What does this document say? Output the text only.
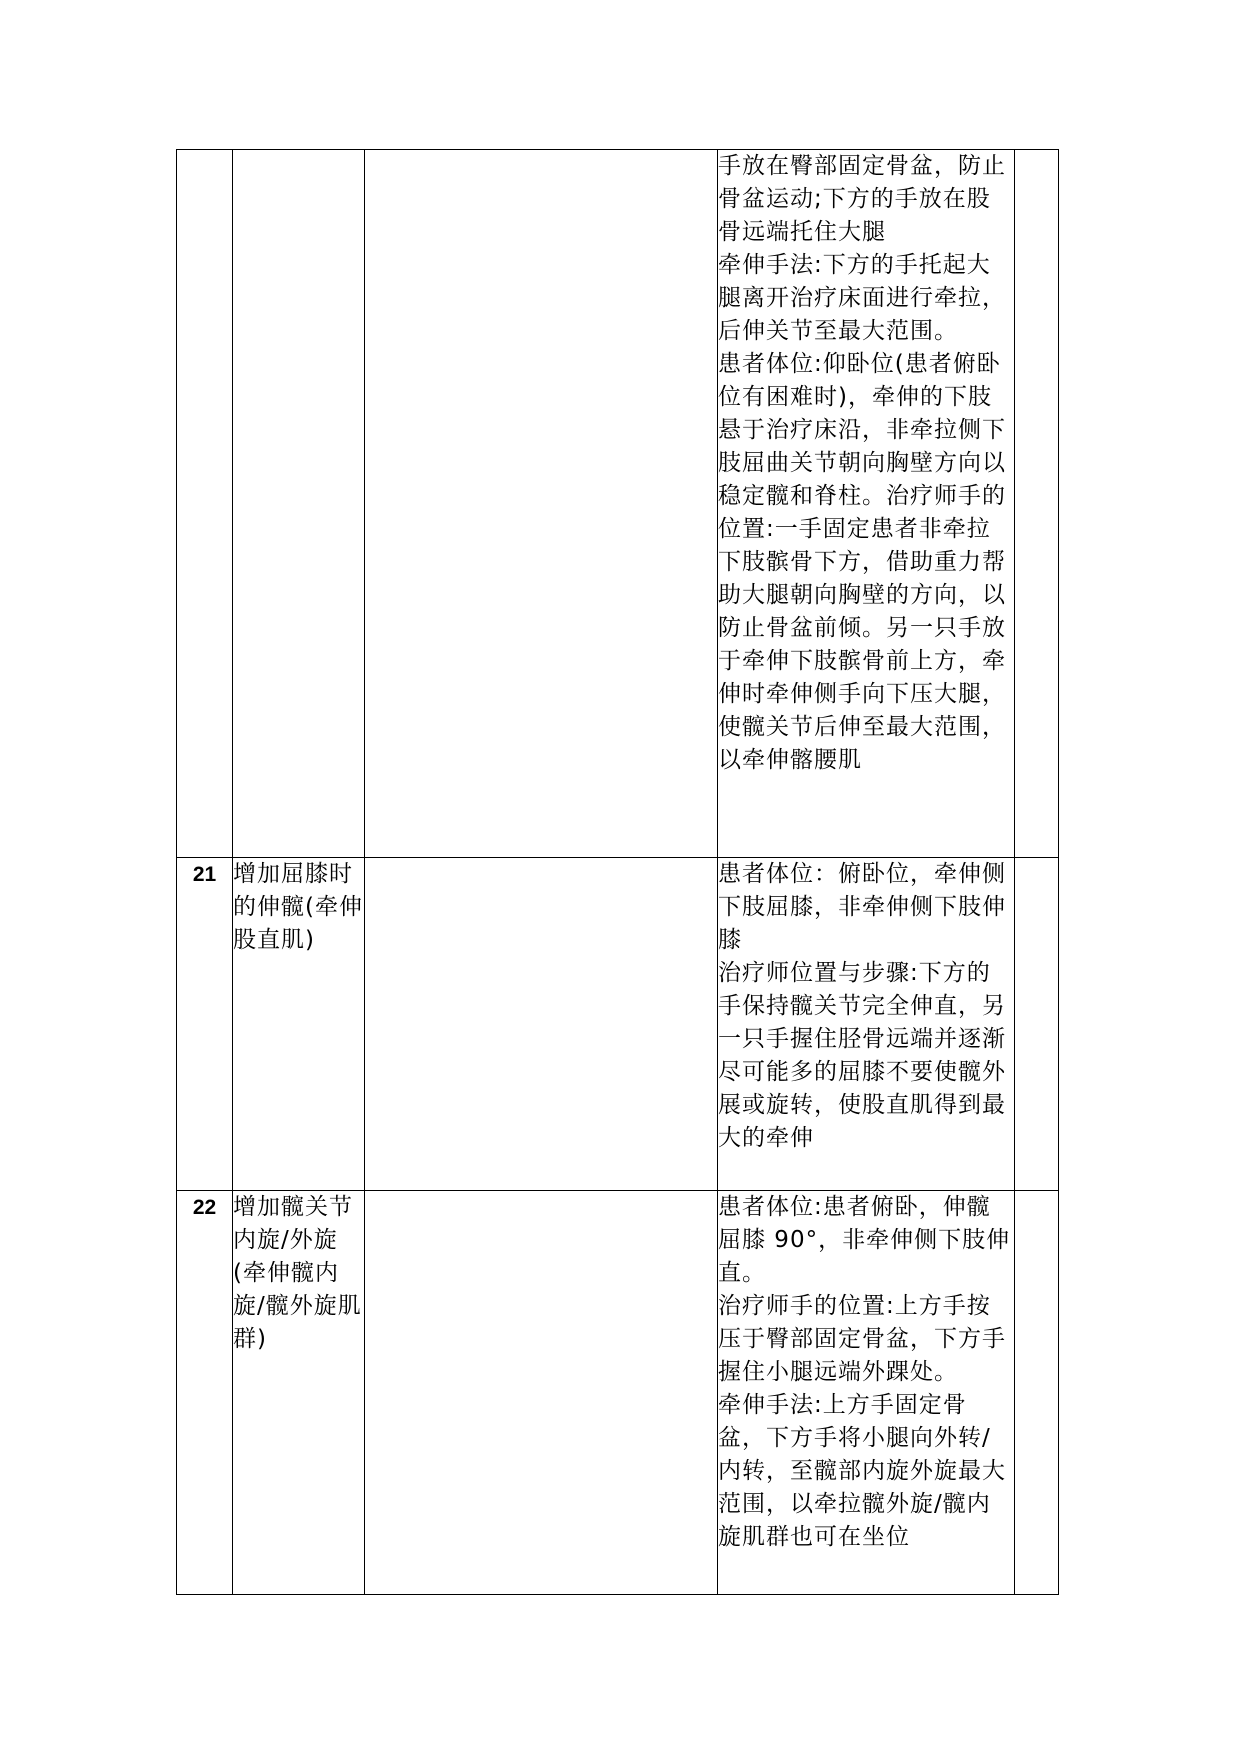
			手放在臀部固定骨盆，防止骨盆运动;下方的手放在股骨远端托住大腿
牵伸手法:下方的手托起大腿离开治疗床面进行牵拉，后伸关节至最大范围。
患者体位:仰卧位(患者俯卧位有困难时)，牵伸的下肢悬于治疗床沿，非牵拉侧下肢屈曲关节朝向胸壁方向以稳定髋和脊柱。治疗师手的位置:一手固定患者非牵拉下肢髌骨下方，借助重力帮助大腿朝向胸壁的方向，以防止骨盆前倾。另一只手放于牵伸下肢髌骨前上方，牵伸时牵伸侧手向下压大腿，使髋关节后伸至最大范围，以牵伸髂腰肌	

21	增加屈膝时的伸髋(牵伸股直肌)		患者体位：俯卧位，牵伸侧下肢屈膝，非牵伸侧下肢伸膝
治疗师位置与步骤:下方的手保持髋关节完全伸直，另一只手握住胫骨远端并逐渐尽可能多的屈膝不要使髋外展或旋转，使股直肌得到最大的牵伸	

22	增加髋关节内旋/外旋(牵伸髋内旋/髋外旋肌群)		患者体位:患者俯卧，伸髋屈膝 90°，非牵伸侧下肢伸直。
治疗师手的位置:上方手按压于臀部固定骨盆，下方手握住小腿远端外踝处。
牵伸手法:上方手固定骨盆，下方手将小腿向外转/内转，至髋部内旋外旋最大范围，以牵拉髋外旋/髋内旋肌群也可在坐位	
